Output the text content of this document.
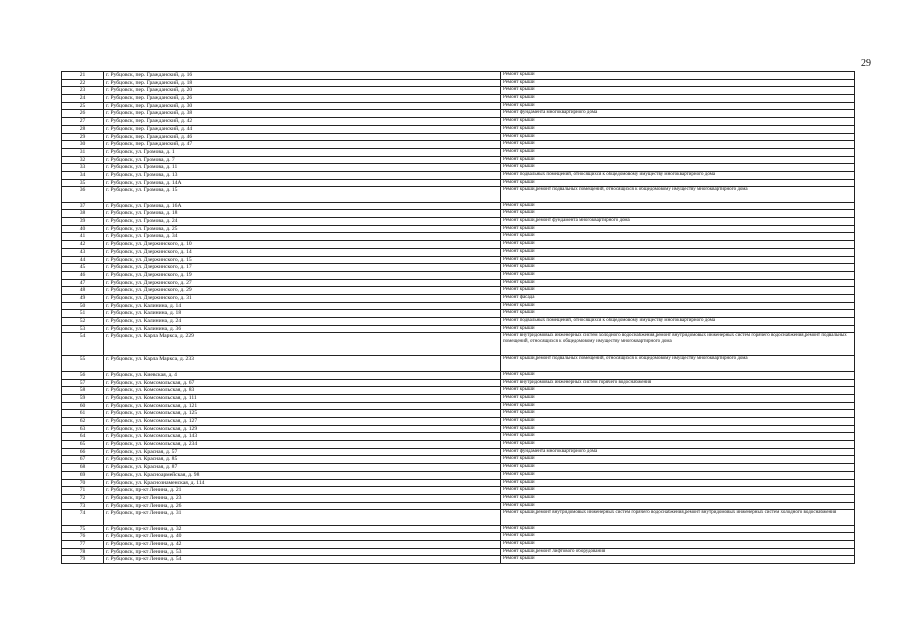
29
21	г. Рубцовск, пер. Гражданский, д. 16	Ремонт крыши
22	г. Рубцовск, пер. Гражданский, д. 18	Ремонт крыши
23	г. Рубцовск, пер. Гражданский, д. 20	Ремонт крыши
24	г. Рубцовск, пер. Гражданский, д. 26	Ремонт крыши
25	г. Рубцовск, пер. Гражданский, д. 30	Ремонт крыши
26	г. Рубцовск, пер. Гражданский, д. 38	Ремонт фундамента многоквартирного дома
27	г. Рубцовск, пер. Гражданский, д. 42	Ремонт крыши
28	г. Рубцовск, пер. Гражданский, д. 44	Ремонт крыши
29	г. Рубцовск, пер. Гражданский, д. 46	Ремонт крыши
30	г. Рубцовск, пер. Гражданский, д. 47	Ремонт крыши
31	г. Рубцовск, ул. Громова, д. 1	Ремонт крыши
32	г. Рубцовск, ул. Громова, д. 7	Ремонт крыши
33	г. Рубцовск, ул. Громова, д. 11	Ремонт крыши
34	г. Рубцовск, ул. Громова, д. 13	Ремонт подвальных помещений, относящихся к общедомовому имуществу многоквартирного дома
35	г. Рубцовск, ул. Громова, д. 14А	Ремонт крыши
36	г. Рубцовск, ул. Громова, д. 15	Ремонт крыши,ремонт подвальных помещений, относящихся к общедомовому имуществу многоквартирного дома
37	г. Рубцовск, ул. Громова, д. 16А	Ремонт крыши
38	г. Рубцовск, ул. Громова, д. 18	Ремонт крыши
39	г. Рубцовск, ул. Громова, д. 24	Ремонт крыши,ремонт фундамента многоквартирного дома
40	г. Рубцовск, ул. Громова, д. 25	Ремонт крыши
41	г. Рубцовск, ул. Громова, д. 34	Ремонт крыши
42	г. Рубцовск, ул. Дзержинского, д. 10	Ремонт крыши
43	г. Рубцовск, ул. Дзержинского, д. 14	Ремонт крыши
44	г. Рубцовск, ул. Дзержинского, д. 15	Ремонт крыши
45	г. Рубцовск, ул. Дзержинского, д. 17	Ремонт крыши
46	г. Рубцовск, ул. Дзержинского, д. 19	Ремонт крыши
47	г. Рубцовск, ул. Дзержинского, д. 27	Ремонт крыши
48	г. Рубцовск, ул. Дзержинского, д. 29	Ремонт крыши
49	г. Рубцовск, ул. Дзержинского, д. 31	Ремонт фасада
50	г. Рубцовск, ул. Калинина, д. 14	Ремонт крыши
51	г. Рубцовск, ул. Калинина, д. 18	Ремонт крыши
52	г. Рубцовск, ул. Калинина, д. 24	Ремонт подвальных помещений, относящихся к общедомовому имуществу многоквартирного дома
53	г. Рубцовск, ул. Калинина, д. 36	Ремонт крыши
54	г. Рубцовск, ул. Карла Маркса, д. 229	Ремонт внутридомовых инженерных систем холодного водоснабжения,ремонт внутридомовых инженерных систем горячего водоснабжения,ремонт подвальных помещений, относящихся к общедомовому имуществу многоквартирного дома
55	г. Рубцовск, ул. Карла Маркса, д. 233	Ремонт крыши,ремонт подвальных помещений, относящихся к общедомовому имуществу многоквартирного дома
56	г. Рубцовск, ул. Киевская, д. 4	Ремонт крыши
57	г. Рубцовск, ул. Комсомольская, д. 67	Ремонт внутридомовых инженерных систем горячего водоснабжения
58	г. Рубцовск, ул. Комсомольская, д. 83	Ремонт крыши
59	г. Рубцовск, ул. Комсомольская, д. 111	Ремонт крыши
60	г. Рубцовск, ул. Комсомольская, д. 121	Ремонт крыши
61	г. Рубцовск, ул. Комсомольская, д. 125	Ремонт крыши
62	г. Рубцовск, ул. Комсомольская, д. 127	Ремонт крыши
63	г. Рубцовск, ул. Комсомольская, д. 129	Ремонт крыши
64	г. Рубцовск, ул. Комсомольская, д. 143	Ремонт крыши
65	г. Рубцовск, ул. Комсомольская, д. 234	Ремонт крыши
66	г. Рубцовск, ул. Красная, д. 57	Ремонт фундамента многоквартирного дома
67	г. Рубцовск, ул. Красная, д. 85	Ремонт крыши
68	г. Рубцовск, ул. Красная, д. 87	Ремонт крыши
69	г. Рубцовск, ул. Красноармейская, д. 98	Ремонт крыши
70	г. Рубцовск, ул. Краснознаменская, д. 114	Ремонт крыши
71	г. Рубцовск, пр-кт Ленина, д. 21	Ремонт крыши
72	г. Рубцовск, пр-кт Ленина, д. 23	Ремонт крыши
73	г. Рубцовск, пр-кт Ленина, д. 26	Ремонт крыши
74	г. Рубцовск, пр-кт Ленина, д. 31	Ремонт крыши,ремонт внутридомовых инженерных систем горячего водоснабжения,ремонт внутридомовых инженерных систем холодного водоснабжения
75	г. Рубцовск, пр-кт Ленина, д. 32	Ремонт крыши
76	г. Рубцовск, пр-кт Ленина, д. 40	Ремонт крыши
77	г. Рубцовск, пр-кт Ленина, д. 42	Ремонт крыши
78	г. Рубцовск, пр-кт Ленина, д. 53	Ремонт крыши,ремонт лифтового оборудования
79	г. Рубцовск, пр-кт Ленина, д. 54	Ремонт крыши
